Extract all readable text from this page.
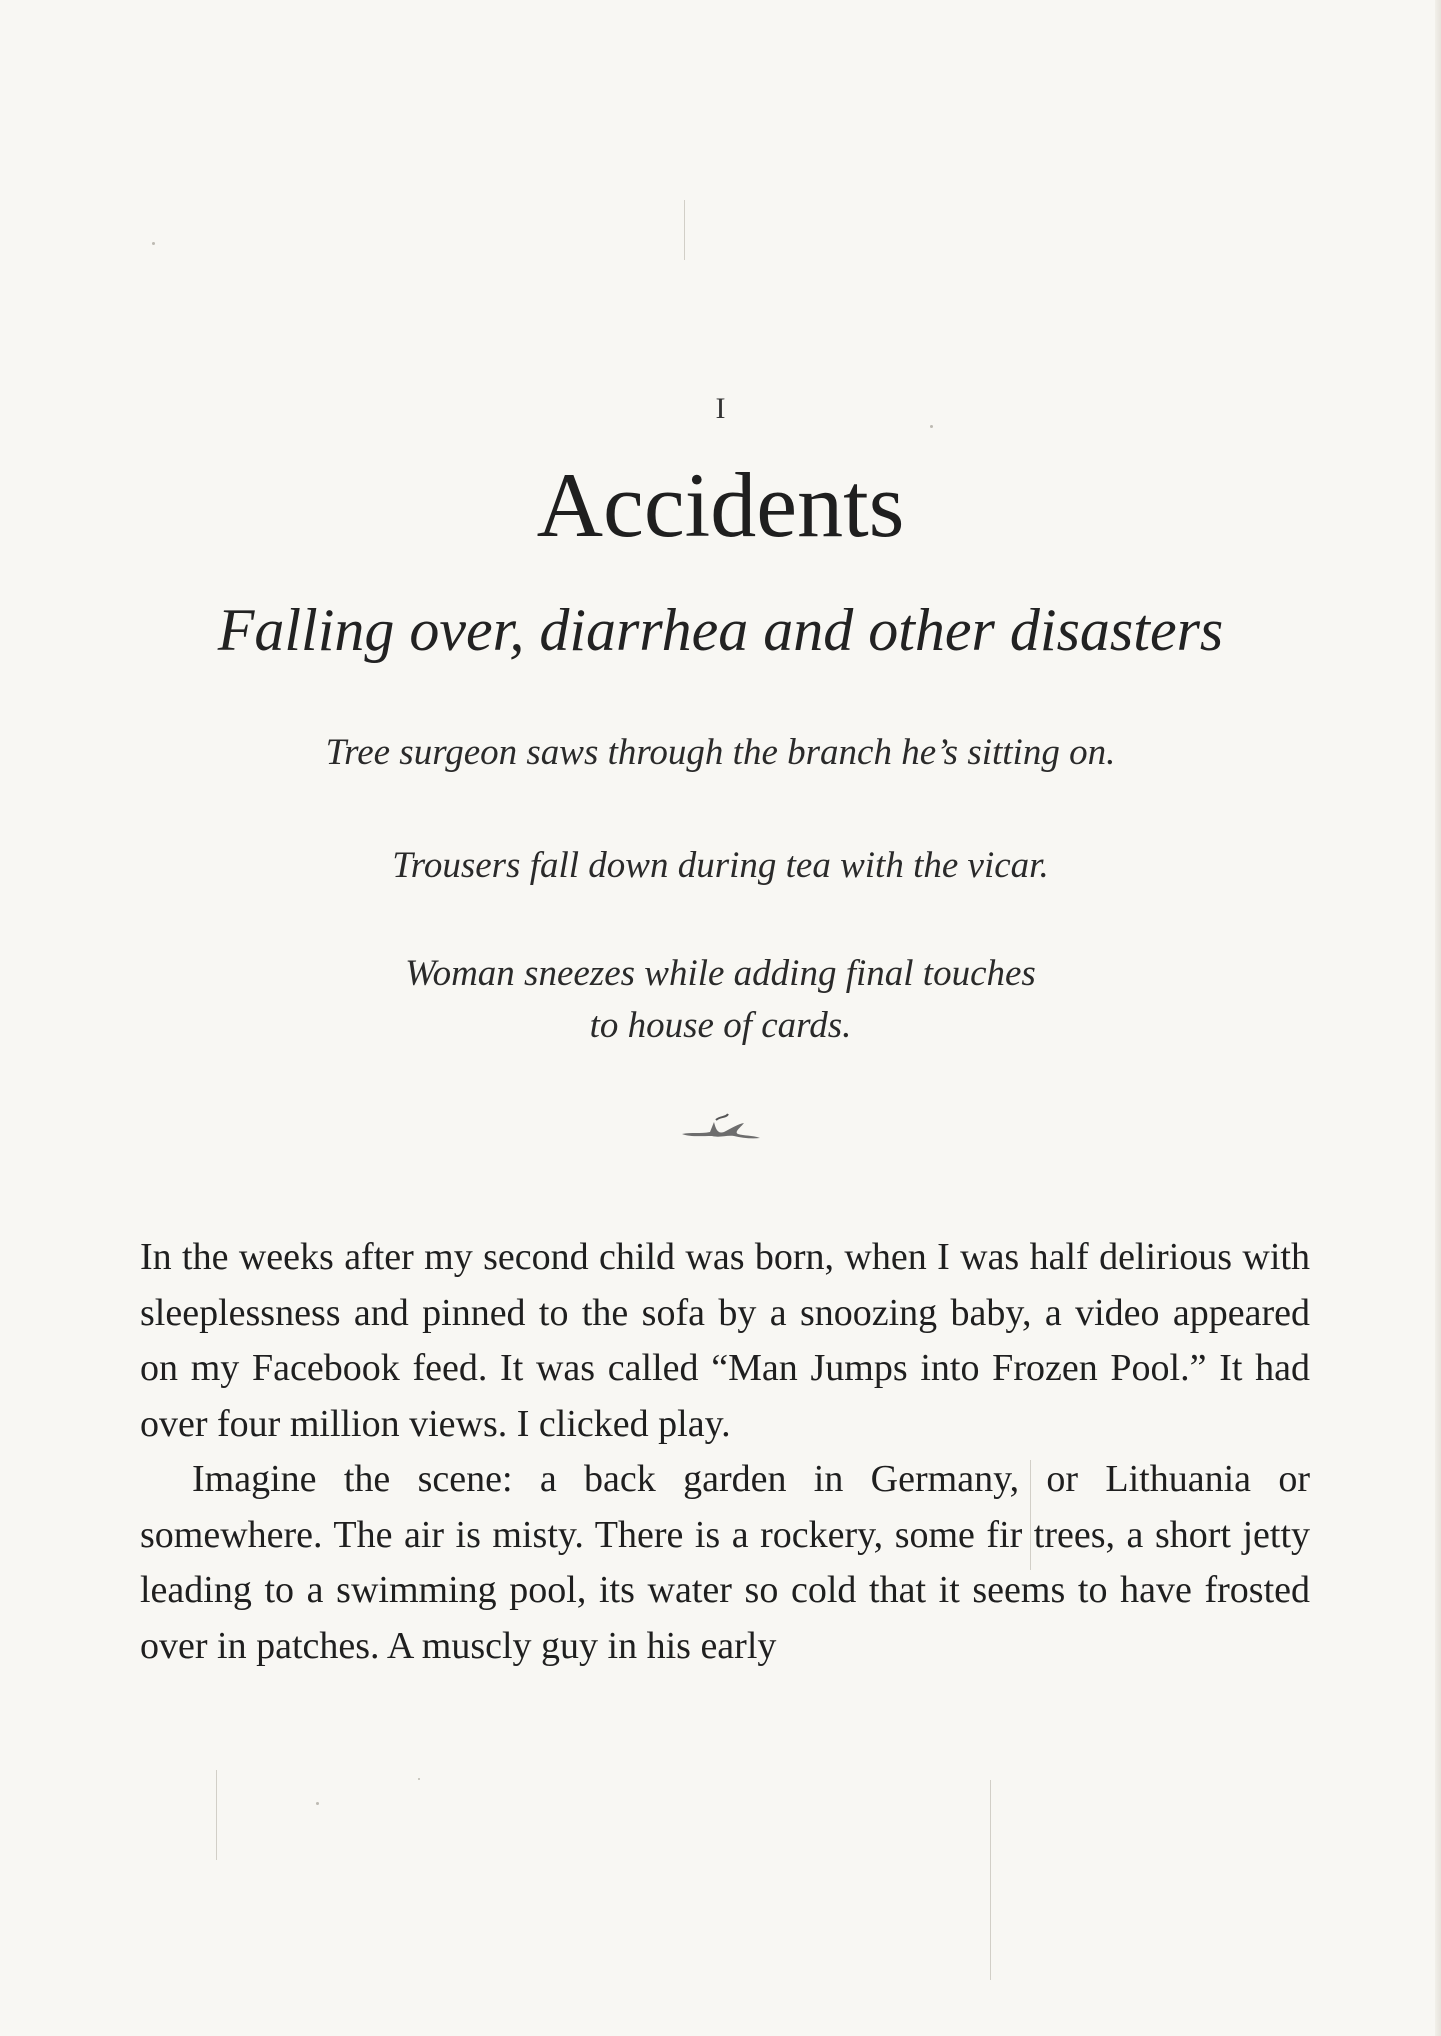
I
Accidents
Falling over, diarrhea and other disasters
Tree surgeon saws through the branch he’s sitting on.
Trousers fall down during tea with the vicar.
Woman sneezes while adding final touches
to house of cards.

In the weeks after my second child was born, when I was half delirious with sleeplessness and pinned to the sofa by a snoozing baby, a video appeared on my Facebook feed. It was called “Man Jumps into Frozen Pool.” It had over four million views. I clicked play.

Imagine the scene: a back garden in Germany, or Lithuania or somewhere. The air is misty. There is a rockery, some fir trees, a short jetty leading to a swimming pool, its water so cold that it seems to have frosted over in patches. A muscly guy in his early
